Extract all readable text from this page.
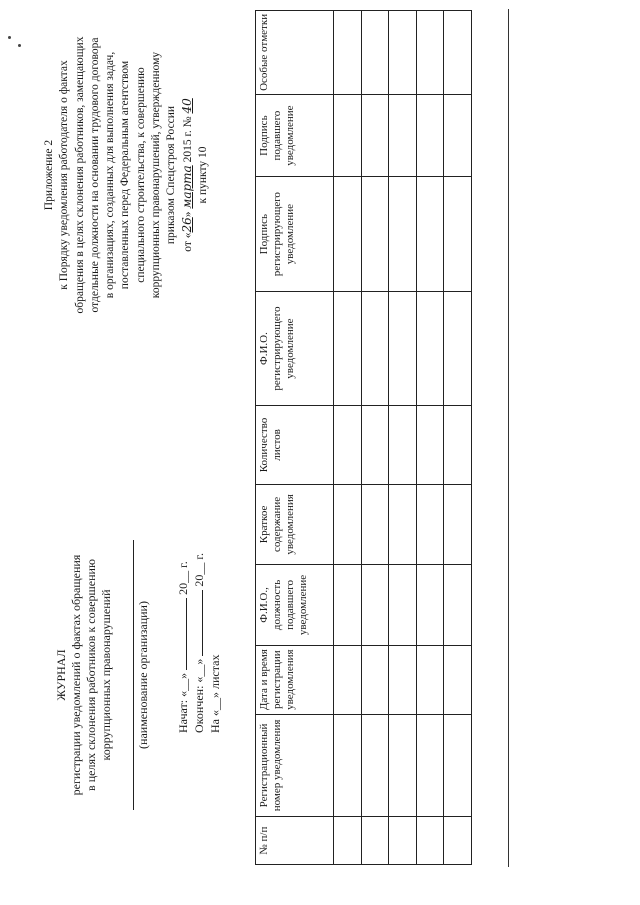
Приложение 2 к Порядку уведомления работодателя о фактах обращения в целях склонения работников, замещающих отдельные должности на основании трудового договора в организациях, созданных для выполнения задач, поставленных перед Федеральным агентством специального строительства, к совершению коррупционных правонарушений, утвержденному приказом Спецстроя России от «26» марта 2015 г. № 40
к пункту 10
ЖУРНАЛ регистрации уведомлений о фактах обращения в целях склонения работников к совершению коррупционных правонарушений (наименование организации) Начат: «__»  20__ г.
Окончен: «__»  20__ г.
На «__» листах
№ п/п	Регистрационный номер уведомления	Дата и время регистрации уведомления	Ф.И.О., должность подавшего уведомление	Краткое содержание уведомления	Количество листов	Ф.И.О. регистрирующего уведомление	Подпись регистрирующего уведомление	Подпись подавшего уведомление	Особые отметки
